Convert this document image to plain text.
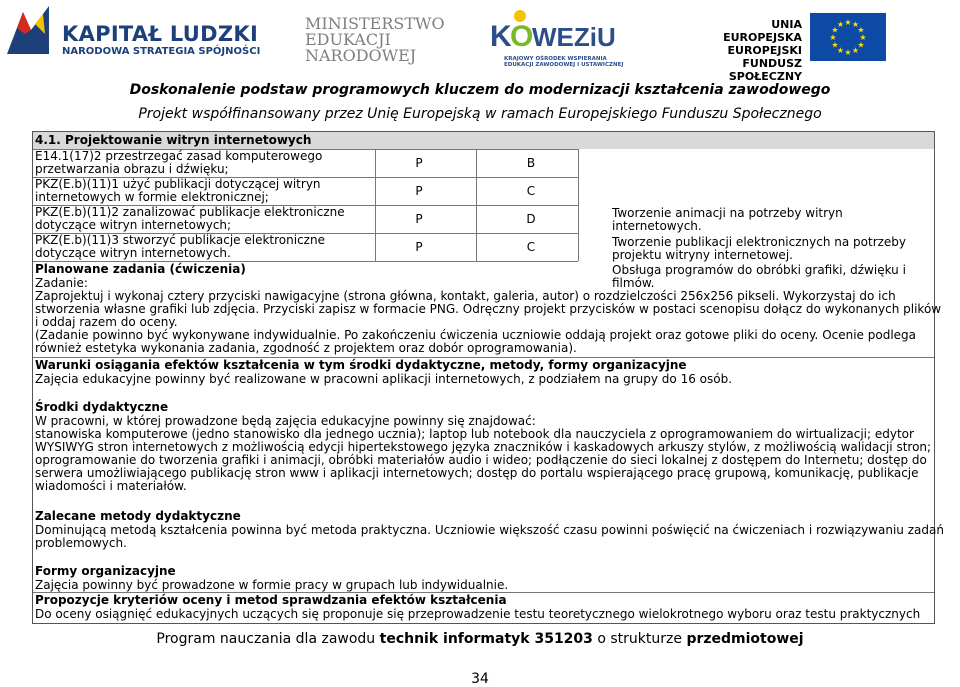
KAPITAŁ LUDZKI
NARODOWA STRATEGIA SPÓJNOŚCI
MINISTERSTWO
EDUKACJI
NARODOWEJ
K
O
WEZiU
KRAJOWY OŚRODEK WSPIERANIA
EDUKACJI ZAWODOWEJ I USTAWICZNEJ
UNIA EUROPEJSKA
EUROPEJSKI
FUNDUSZ SPOŁECZNY
★ ★
★
★
★
★
★
★
★
★
★
★
Doskonalenie podstaw programowych kluczem do modernizacji kształcenia zawodowego
Projekt współfinansowany przez Unię Europejską w ramach Europejskiego Funduszu Społecznego
4.1. Projektowanie witryn internetowych
E14.1(17)2 przestrzegać zasad komputerowego
przetwarzania obrazu i dźwięku;	P	B
PKZ(E.b)(11)1 użyć publikacji dotyczącej witryn
internetowych w formie elektronicznej;	P	C
PKZ(E.b)(11)2 zanalizować publikacje elektroniczne
dotyczące witryn internetowych;	P	D
PKZ(E.b)(11)3 stworzyć publikacje elektroniczne
dotyczące witryn internetowych.	P	C
Tworzenie animacji na potrzeby witryn
internetowych.
Tworzenie publikacji elektronicznych na potrzeby
projektu witryny internetowej.
Obsługa programów do obróbki grafiki, dźwięku i
filmów.
Planowane zadania (ćwiczenia)
Zadanie:
Zaprojektuj i wykonaj cztery przyciski nawigacyjne (strona główna, kontakt, galeria, autor) o rozdzielczości 256x256 pikseli. Wykorzystaj do ich
stworzenia własne grafiki lub zdjęcia. Przyciski zapisz w formacie PNG. Odręczny projekt przycisków w postaci scenopisu dołącz do wykonanych plików
i oddaj razem do oceny.
(Zadanie powinno być wykonywane indywidualnie. Po zakończeniu ćwiczenia uczniowie oddają projekt oraz gotowe pliki do oceny. Ocenie podlega
również estetyka wykonania zadania, zgodność z projektem oraz dobór oprogramowania).
Warunki osiągania efektów kształcenia w tym środki dydaktyczne, metody, formy organizacyjne
Zajęcia edukacyjne powinny być realizowane w pracowni aplikacji internetowych, z podziałem na grupy do 16 osób.
Środki dydaktyczne
W pracowni, w której prowadzone będą zajęcia edukacyjne powinny się znajdować:
stanowiska komputerowe (jedno stanowisko dla jednego ucznia); laptop lub notebook dla nauczyciela z oprogramowaniem do wirtualizacji; edytor
WYSIWYG stron internetowych z możliwością edycji hipertekstowego języka znaczników i kaskadowych arkuszy stylów, z możliwością walidacji stron;
oprogramowanie do tworzenia grafiki i animacji, obróbki materiałów audio i wideo; podłączenie do sieci lokalnej z dostępem do Internetu; dostęp do
serwera umożliwiającego publikację stron www i aplikacji internetowych; dostęp do portalu wspierającego pracę grupową, komunikację, publikacje
wiadomości i materiałów.
Zalecane metody dydaktyczne
Dominującą metodą kształcenia powinna być metoda praktyczna. Uczniowie większość czasu powinni poświęcić na ćwiczeniach i rozwiązywaniu zadań
problemowych.
Formy organizacyjne
Zajęcia powinny być prowadzone w formie pracy w grupach lub indywidualnie.
Propozycje kryteriów oceny i metod sprawdzania efektów kształcenia
Do oceny osiągnięć edukacyjnych uczących się proponuje się przeprowadzenie testu teoretycznego wielokrotnego wyboru oraz testu praktycznych
Program nauczania dla zawodu technik informatyk 351203 o strukturze przedmiotowej
34
